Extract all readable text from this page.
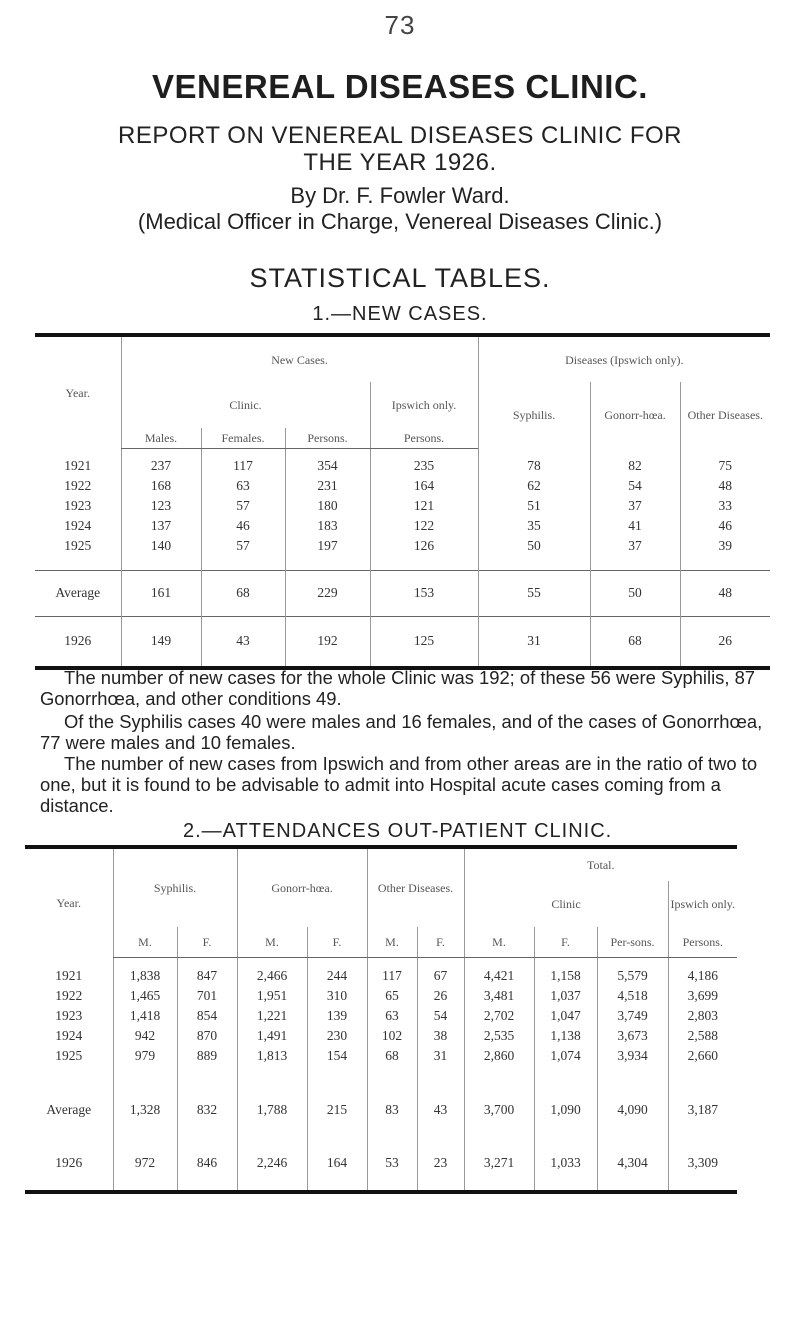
73
VENEREAL DISEASES CLINIC.
REPORT ON VENEREAL DISEASES CLINIC FOR
THE YEAR 1926.
By Dr. F. Fowler Ward.
(Medical Officer in Charge, Venereal Diseases Clinic.)
STATISTICAL TABLES.
1.—NEW CASES.
Year.	New Cases.				Diseases (Ipswich only).		
	Clinic.			Ipswich only.	Syphilis.	Gonorr-hœa.	Other Diseases.
	Males.	Females.	Persons.	Persons.			

1921	237	117	354	235	78	82	75
1922	168	63	231	164	62	54	48
1923	123	57	180	121	51	37	33
1924	137	46	183	122	35	41	46
1925	140	57	197	126	50	37	39

Average	161	68	229	153	55	50	48
1926	149	43	192	125	31	68	26
The number of new cases for the whole Clinic was 192; of these 56 were Syphilis, 87 Gonorrhœa, and other conditions 49.
Of the Syphilis cases 40 were males and 16 females, and of the cases of Gonorrhœa, 77 were males and 10 females.
The number of new cases from Ipswich and from other areas are in the ratio of two to one, but it is found to be advisable to admit into Hospital acute cases coming from a distance.
2.—ATTENDANCES OUT-PATIENT CLINIC.
Year.	Syphilis.		Gonorr-hœa.		Other Diseases.		Total.			
							Clinic			Ipswich only.
	M.	F.	M.	F.	M.	F.	M.	F.	Per-sons.	Persons.

1921	1,838	847	2,466	244	117	67	4,421	1,158	5,579	4,186
1922	1,465	701	1,951	310	65	26	3,481	1,037	4,518	3,699
1923	1,418	854	1,221	139	63	54	2,702	1,047	3,749	2,803
1924	942	870	1,491	230	102	38	2,535	1,138	3,673	2,588
1925	979	889	1,813	154	68	31	2,860	1,074	3,934	2,660

Average	1,328	832	1,788	215	83	43	3,700	1,090	4,090	3,187
1926	972	846	2,246	164	53	23	3,271	1,033	4,304	3,309
